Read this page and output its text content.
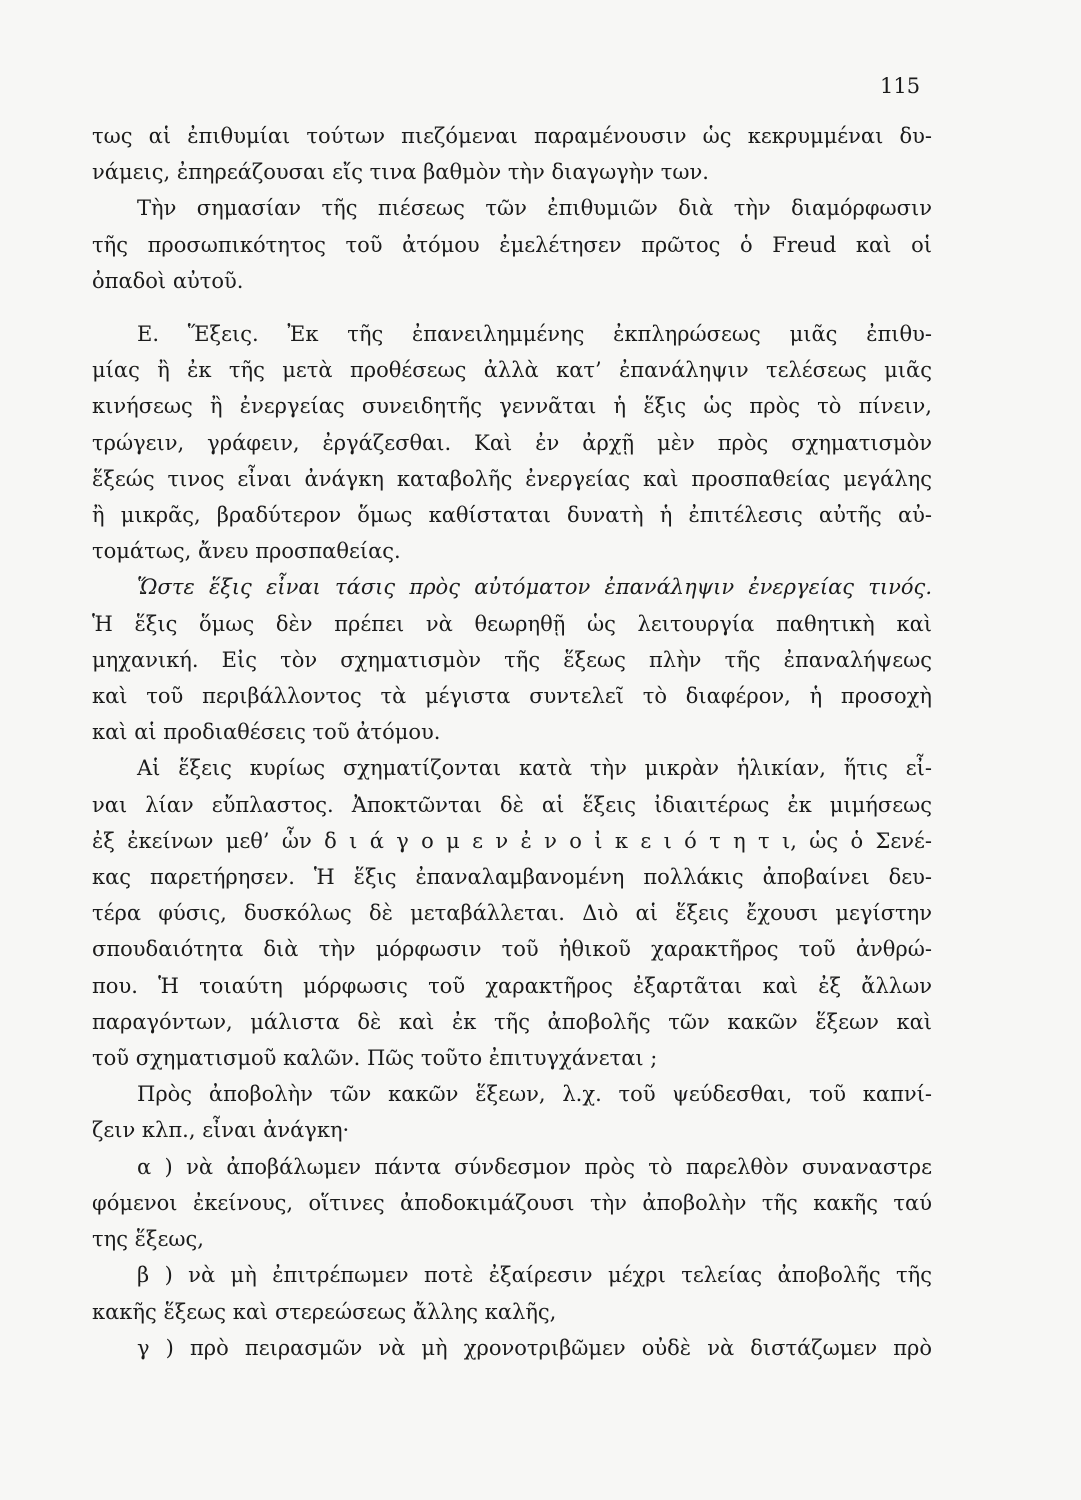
115
τως αἱ ἐπιθυμίαι τούτων πιεζόμεναι παραμένουσιν ὡς κεκρυμμέναι δυ-
νάμεις, ἐπηρεάζουσαι εἴς τινα βαθμὸν τὴν διαγωγὴν των.
Τὴν σημασίαν τῆς πιέσεως τῶν ἐπιθυμιῶν διὰ τὴν διαμόρφωσιν
τῆς προσωπικότητος τοῦ ἀτόμου ἐμελέτησεν πρῶτος ὁ Freud καὶ οἱ
ὀπαδοὶ αὐτοῦ.
Ε. Ἕξεις. Ἐκ τῆς ἐπανειλημμένης ἐκπληρώσεως μιᾶς ἐπιθυ-
μίας ἢ ἐκ τῆς μετὰ προθέσεως ἀλλὰ κατ’ ἐπανάληψιν τελέσεως μιᾶς
κινήσεως ἢ ἐνεργείας συνειδητῆς γεννᾶται ἡ ἕξις ὡς πρὸς τὸ πίνειν,
τρώγειν, γράφειν, ἐργάζεσθαι. Καὶ ἐν ἀρχῇ μὲν πρὸς σχηματισμὸν
ἕξεώς τινος εἶναι ἀνάγκη καταβολῆς ἐνεργείας καὶ προσπαθείας μεγάλης
ἢ μικρᾶς, βραδύτερον ὅμως καθίσταται δυνατὴ ἡ ἐπιτέλεσις αὐτῆς αὐ-
τομάτως, ἄνευ προσπαθείας.
Ὥστε ἕξις εἶναι τάσις πρὸς αὐτόματον ἐπανάληψιν ἐνεργείας τινός.
Ἡ ἕξις ὅμως δὲν πρέπει νὰ θεωρηθῇ ὡς λειτουργία παθητικὴ καὶ
μηχανική. Εἰς τὸν σχηματισμὸν τῆς ἕξεως πλὴν τῆς ἐπαναλήψεως
καὶ τοῦ περιβάλλοντος τὰ μέγιστα συντελεῖ τὸ διαφέρον, ἡ προσοχὴ
καὶ αἱ προδιαθέσεις τοῦ ἀτόμου.
Αἱ ἕξεις κυρίως σχηματίζονται κατὰ τὴν μικρὰν ἡλικίαν, ἥτις εἶ-
ναι λίαν εὔπλαστος. Ἀποκτῶνται δὲ αἱ ἕξεις ἰδιαιτέρως ἐκ μιμήσεως
ἐξ ἐκείνων μεθ’ ὧν δ ι ά γ ο μ ε ν ἐ ν ο ἰ κ ε ι ό τ η τ ι, ὡς ὁ Σενέ-
κας παρετήρησεν. Ἡ ἕξις ἐπαναλαμβανομένη πολλάκις ἀποβαίνει δευ-
τέρα φύσις, δυσκόλως δὲ μεταβάλλεται. Διὸ αἱ ἕξεις ἔχουσι μεγίστην
σπουδαιότητα διὰ τὴν μόρφωσιν τοῦ ἠθικοῦ χαρακτῆρος τοῦ ἀνθρώ-
που. Ἡ τοιαύτη μόρφωσις τοῦ χαρακτῆρος ἐξαρτᾶται καὶ ἐξ ἄλλων
παραγόντων, μάλιστα δὲ καὶ ἐκ τῆς ἀποβολῆς τῶν κακῶν ἕξεων καὶ
τοῦ σχηματισμοῦ καλῶν. Πῶς τοῦτο ἐπιτυγχάνεται ;
Πρὸς ἀποβολὴν τῶν κακῶν ἕξεων, λ.χ. τοῦ ψεύδεσθαι, τοῦ καπνί-
ζειν κλπ., εἶναι ἀνάγκη·
α ) νὰ ἀποβάλωμεν πάντα σύνδεσμον πρὸς τὸ παρελθὸν συναναστρε
φόμενοι ἐκείνους, οἵτινες ἀποδοκιμάζουσι τὴν ἀποβολὴν τῆς κακῆς ταύ
της ἕξεως,
β ) νὰ μὴ ἐπιτρέπωμεν ποτὲ ἐξαίρεσιν μέχρι τελείας ἀποβολῆς τῆς
κακῆς ἕξεως καὶ στερεώσεως ἄλλης καλῆς,
γ ) πρὸ πειρασμῶν νὰ μὴ χρονοτριβῶμεν οὐδὲ νὰ διστάζωμεν πρὸ
